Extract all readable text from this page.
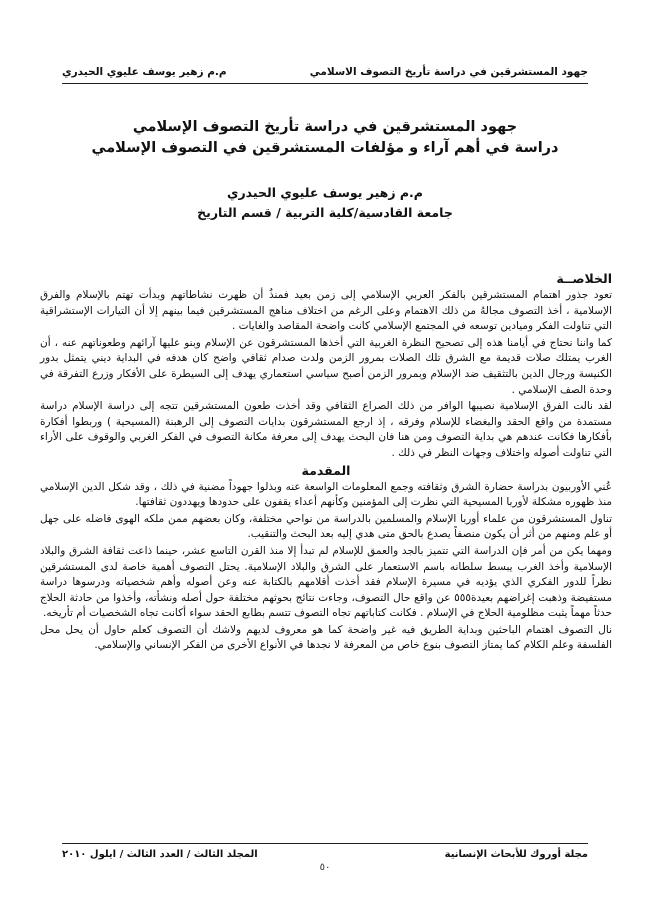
جهود المستشرقين في دراسة تأريخ التصوف الاسلامي
م.م زهير يوسف عليوي الحيدري
جهود المستشرقين في دراسة تأريخ التصوف الإسلامي
دراسة في أهم آراء و مؤلفات المستشرقين في التصوف الإسلامي
م.م زهير يوسف عليوي الحيدري
جامعة القادسية/كلية التربية / قسم التاريخ
الخلاصــة

تعود جذور اهتمام المستشرقين بالفكر العربي الإسلامي إلى زمن بعيد فمنذُ أن ظهرت نشاطاتهم وبدأت تهتم بالإسلام والفرق الإسلامية ، أخذ التصوف مجالهُ من ذلك الاهتمام وعلى الرغم من اختلاف مناهج المستشرقين فيما بينهم إلا أن التيارات الإستشراقية التي تناولت الفكر وميادين توسعه في المجتمع الإسلامي كانت واضحة المقاصد والغايات .

كما واننا نحتاج في أيامنا هذه إلى تصحيح النظرة الغربية التي أخذها المستشرقون عن الإسلام وبنو عليها آرائهم وطعوناتهم عنه ، أن الغرب يمتلك صلات قديمة مع الشرق تلك الصلات بمرور الزمن ولدت صدام ثقافي واضح كان هدفه في البداية ديني يتمثل بدور الكنيسة ورجال الدين بالتثقيف ضد الإسلام وبمرور الزمن أصبح سياسي استعماري يهدف إلى السيطرة على الأفكار وزرع التفرقة في وحدة الصف الإسلامي .

لقد نالت الفرق الإسلامية نصيبها الوافر من ذلك الصراع الثقافي وقد أخذت طعون المستشرقين تتجه إلى دراسة الإسلام دراسة مستمدة من واقع الحقد والبغضاء للإسلام وفرقه ، إذ ارجع المستشرقون بدايات التصوف إلى الرهبنة (المسيحية ) وربطوا أفكارة بأفكارها فكانت عندهم هي بداية التصوف ومن هنا فان البحث يهدف إلى معرفة مكانة التصوف في الفكر الغربي والوقوف على الأراء التي تناولت أصوله واختلاف وجهات النظر في ذلك .

المقدمة

عُني الأوربيون بدراسة حضارة الشرق وثقافته وجمع المعلومات الواسعة عنه وبذلوا جهوداً مضنية في ذلك ، وقد شكل الدين الإسلامي منذ ظهوره مشكلة لأوربا المسيحية التي نظرت إلى المؤمنين وكأنهم أعداء يقفون على حدودها ويهددون ثقافتها.

تناول المستشرقون من علماء أوربا الإسلام والمسلمين بالدراسة من نواحي مختلفة، وكان بعضهم ممن ملكه الهوى فاضله على جهل أو علم ومنهم من أثر أن يكون منصفاً يصدع بالحق متى هدي إليه بعد البحث والتنقيب.

ومهما يكن من أمر فإن الدراسة التي تتميز بالجد والعمق للإسلام لم تبدأ إلا منذ القرن التاسع عشر، حينما ذاعت ثقافة الشرق والبلاد الإسلامية وأخذ الغرب يبسط سلطانه باسم الاستعمار على الشرق والبلاد الإسلامية. يحتل التصوف أهمية خاصة لدى المستشرقين نظراً للدور الفكري الذي يؤديه في مسيرة الإسلام فقد أخذت أقلامهم بالكتابة عنه وعن أصوله وأهم شخصياته ودرسوها دراسة مستفيضة وذهبت إغراضهم بعيدة٥٥٥ عن واقع حال التصوف، وجاءت نتائج بحوثهم مختلفة حول أصله ونشأته، وأخذوا من حادثة الحلاج حدثاً مهماً يثبت مظلومية الحلاج في الإسلام . فكانت كتاباتهم تجاه التصوف تتسم بطابع الحقد سواء أكانت تجاه الشخصيات أم تأريخه.

نال التصوف اهتمام الباحثين وبداية الطريق فيه غير واضحة كما هو معروف لديهم ولاشك أن التصوف كعلم حاول أن يحل محل الفلسفة وعلم الكلام كما يمتاز التصوف بنوع خاص من المعرفة لا نجدها في الأنواع الأخرى من الفكر الإنساني والإسلامي.

مجلة أوروك للأبحاث الإنسانية
المجلد الثالث / العدد الثالث / ايلول ٢٠١٠
٥٠
